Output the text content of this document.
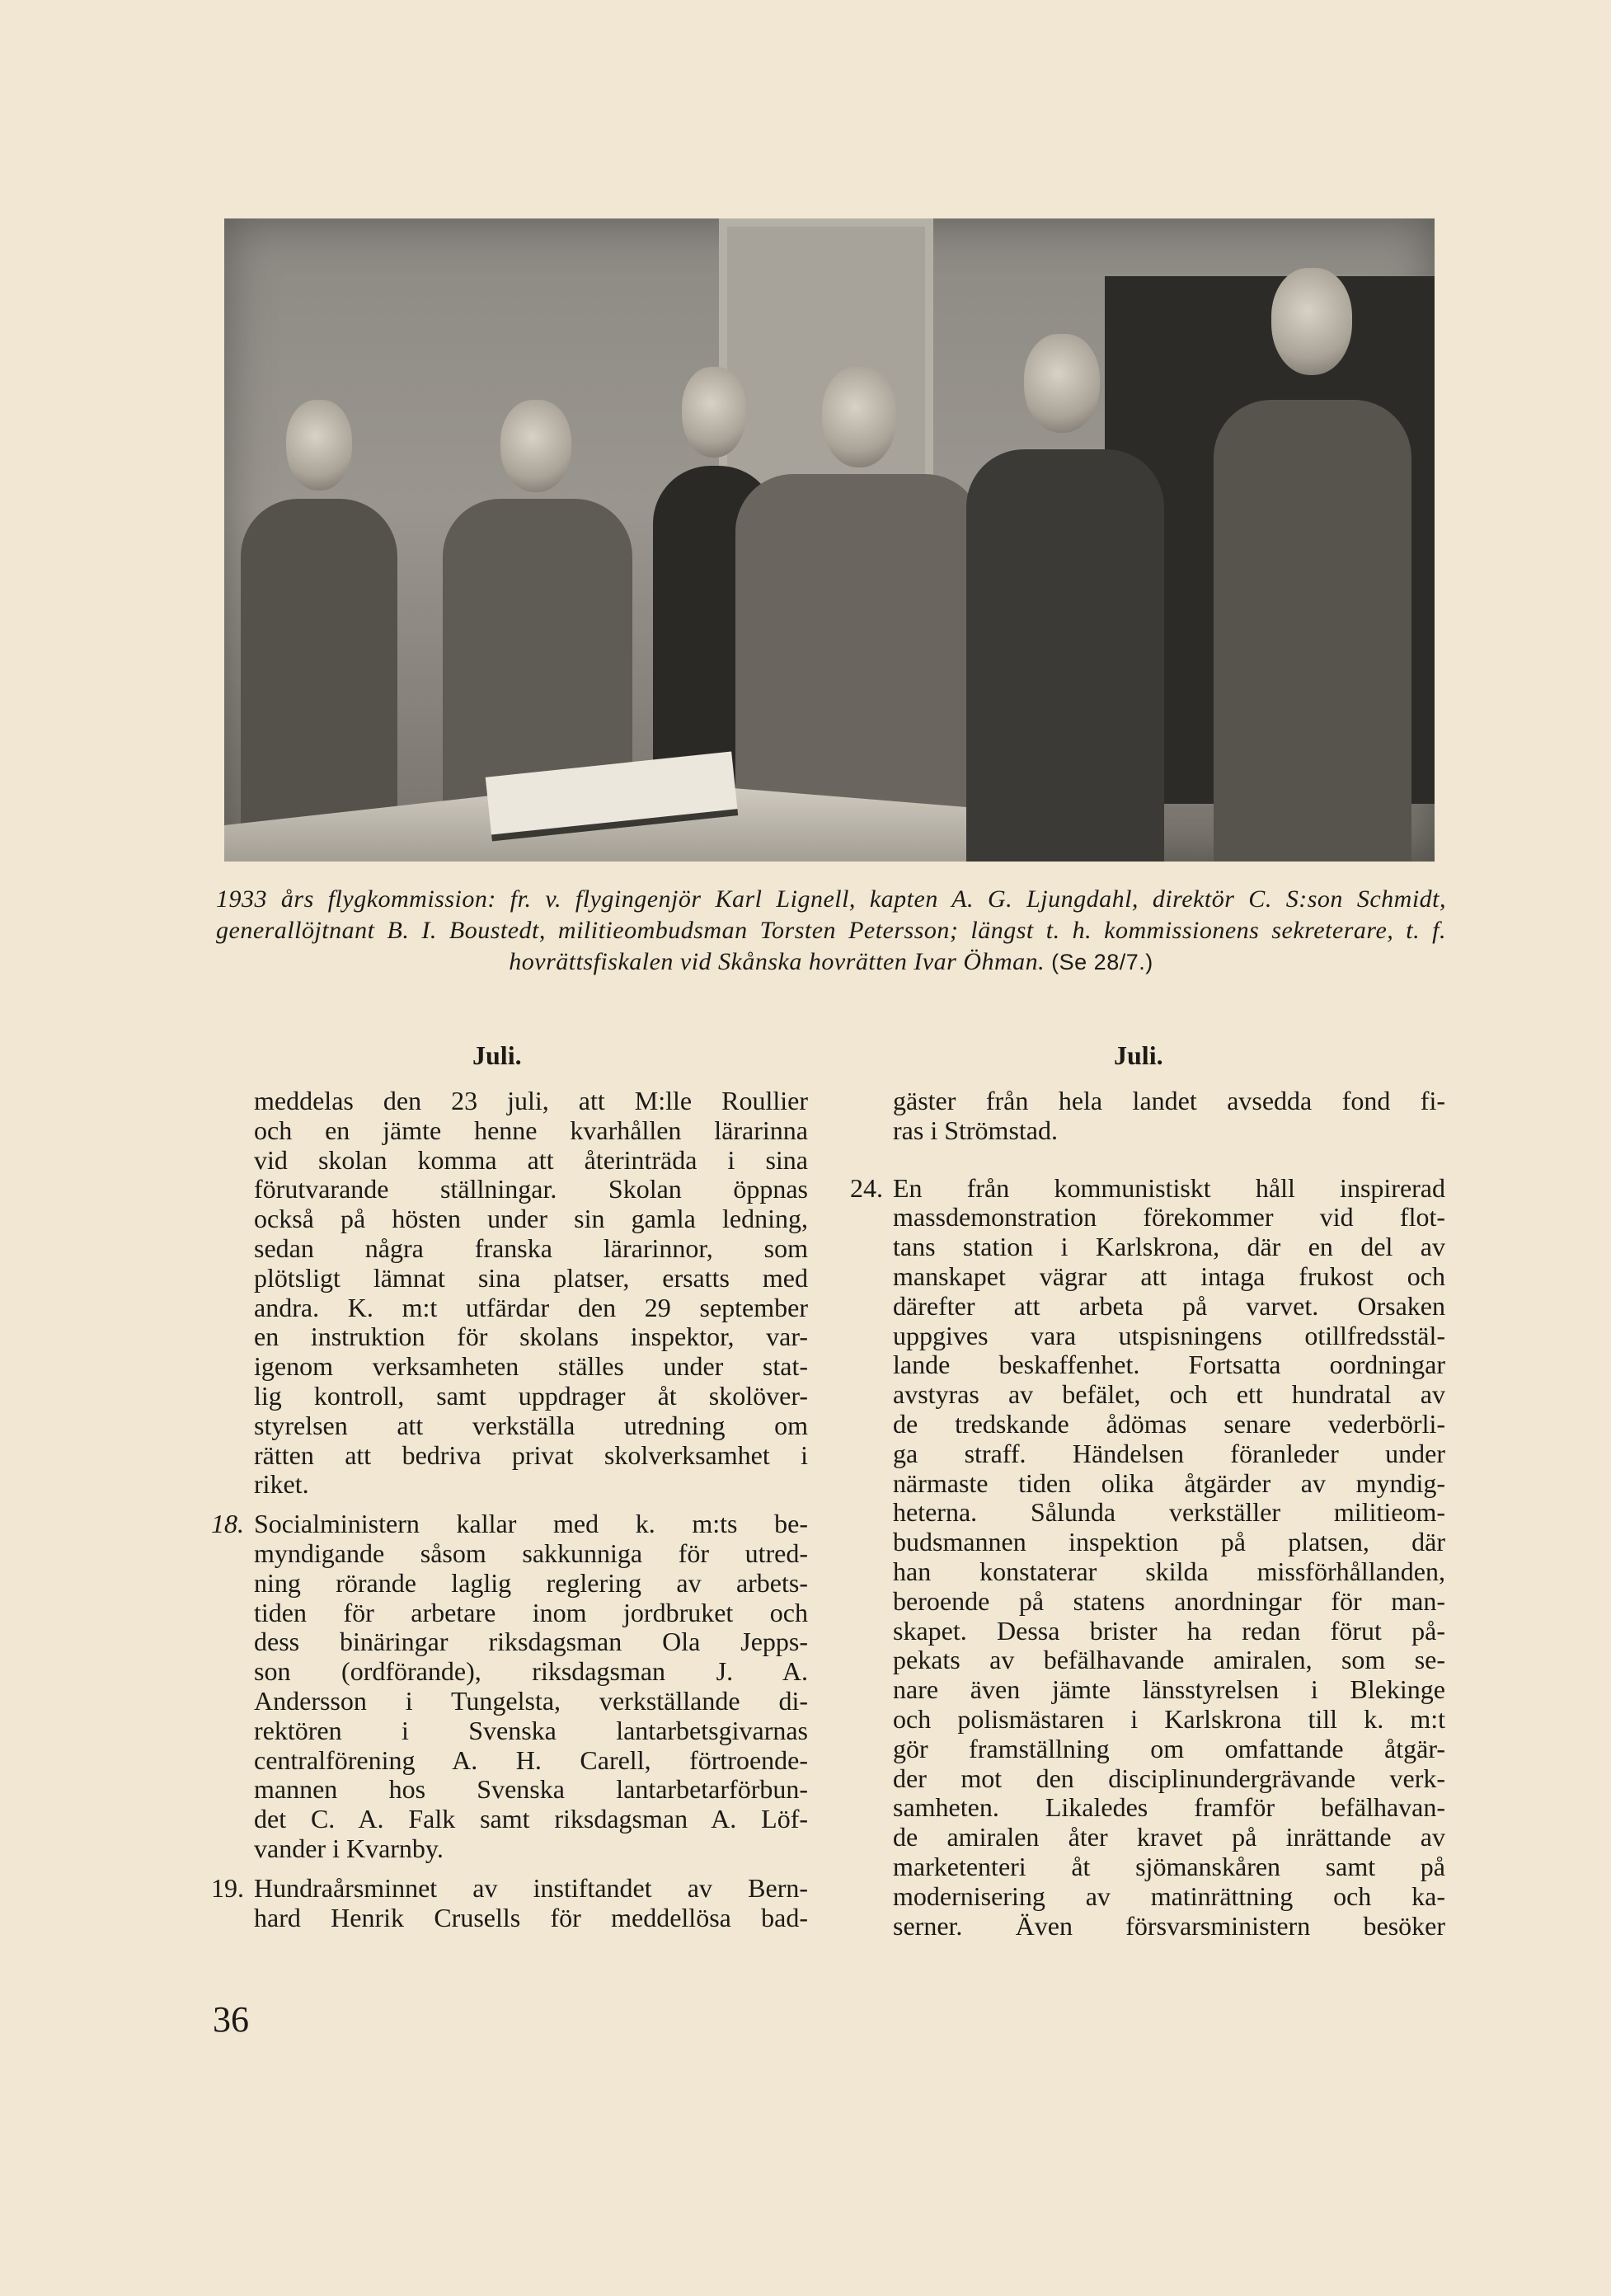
1933 års flygkommission: fr. v. flygingenjör Karl Lignell, kapten A. G. Ljungdahl, direktör C. S:son Schmidt, generallöjtnant B. I. Boustedt, militieombudsman Torsten Petersson; längst t. h. kommissionens sekreterare, t. f. hovrättsfiskalen vid Skånska hovrätten Ivar Öhman. (Se 28/7.)
Juli.	Juli.
meddelas den 23 juli, att M:lle Roullier
och en jämte henne kvarhållen lärarinna
vid skolan komma att återinträda i sina
förutvarande ställningar. Skolan öppnas
också på hösten under sin gamla ledning,
sedan några franska lärarinnor, som
plötsligt lämnat sina platser, ersatts med
andra. K. m:t utfärdar den 29 september
en instruktion för skolans inspektor, var-
igenom verksamheten ställes under stat-
lig kontroll, samt uppdrager åt skolöver-
styrelsen att verkställa utredning om
rätten att bedriva privat skolverksamhet i
riket.
18. Socialministern kallar med k. m:ts be-
myndigande såsom sakkunniga för utred-
ning rörande laglig reglering av arbets-
tiden för arbetare inom jordbruket och
dess binäringar riksdagsman Ola Jepps-
son (ordförande), riksdagsman J. A.
Andersson i Tungelsta, verkställande di-
rektören i Svenska lantarbetsgivarnas
centralförening A. H. Carell, förtroende-
mannen hos Svenska lantarbetarförbun-
det C. A. Falk samt riksdagsman A. Löf-
vander i Kvarnby.
19. Hundraårsminnet av instiftandet av Bern-
hard Henrik Crusells för meddellösa bad-
gäster från hela landet avsedda fond fi-
ras i Strömstad.
24. En från kommunistiskt håll inspirerad
massdemonstration förekommer vid flot-
tans station i Karlskrona, där en del av
manskapet vägrar att intaga frukost och
därefter att arbeta på varvet. Orsaken
uppgives vara utspisningens otillfredsstäl-
lande beskaffenhet. Fortsatta oordningar
avstyras av befälet, och ett hundratal av
de tredskande ådömas senare vederbörli-
ga straff. Händelsen föranleder under
närmaste tiden olika åtgärder av myndig-
heterna. Sålunda verkställer militieom-
budsmannen inspektion på platsen, där
han konstaterar skilda missförhållanden,
beroende på statens anordningar för man-
skapet. Dessa brister ha redan förut på-
pekats av befälhavande amiralen, som se-
nare även jämte länsstyrelsen i Blekinge
och polismästaren i Karlskrona till k. m:t
gör framställning om omfattande åtgär-
der mot den disciplinundergrävande verk-
samheten. Likaledes framför befälhavan-
de amiralen åter kravet på inrättande av
marketenteri åt sjömanskåren samt på
modernisering av matinrättning och ka-
serner. Även försvarsministern besöker
36
